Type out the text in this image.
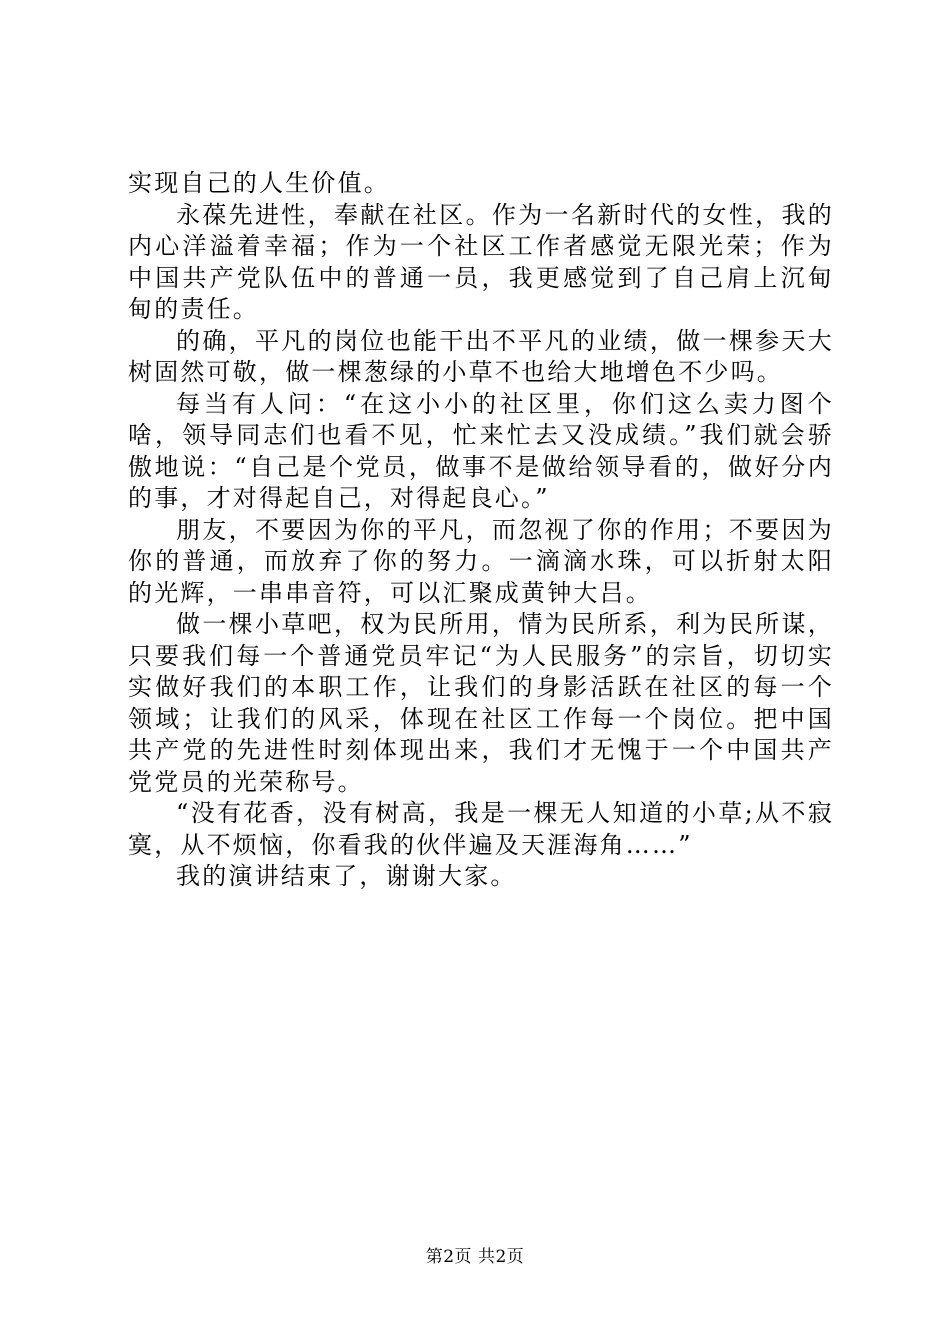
实现自己的人生价值。

永葆先进性，奉献在社区。作为一名新时代的女性，我的内心洋溢着幸福；作为一个社区工作者感觉无限光荣；作为中国共产党队伍中的普通一员，我更感觉到了自己肩上沉甸甸的责任。

的确，平凡的岗位也能干出不平凡的业绩，做一棵参天大树固然可敬，做一棵葱绿的小草不也给大地增色不少吗。

每当有人问：“在这小小的社区里，你们这么卖力图个啥，领导同志们也看不见，忙来忙去又没成绩。”我们就会骄傲地说：“自己是个党员，做事不是做给领导看的，做好分内的事，才对得起自己，对得起良心。”

朋友，不要因为你的平凡，而忽视了你的作用；不要因为你的普通，而放弃了你的努力。一滴滴水珠，可以折射太阳的光辉，一串串音符，可以汇聚成黄钟大吕。

做一棵小草吧，权为民所用，情为民所系，利为民所谋，只要我们每一个普通党员牢记“为人民服务”的宗旨，切切实实做好我们的本职工作，让我们的身影活跃在社区的每一个领域；让我们的风采，体现在社区工作每一个岗位。把中国共产党的先进性时刻体现出来，我们才无愧于一个中国共产党党员的光荣称号。

“没有花香，没有树高，我是一棵无人知道的小草;从不寂寞，从不烦恼，你看我的伙伴遍及天涯海角……”

我的演讲结束了，谢谢大家。

第2页 共2页
